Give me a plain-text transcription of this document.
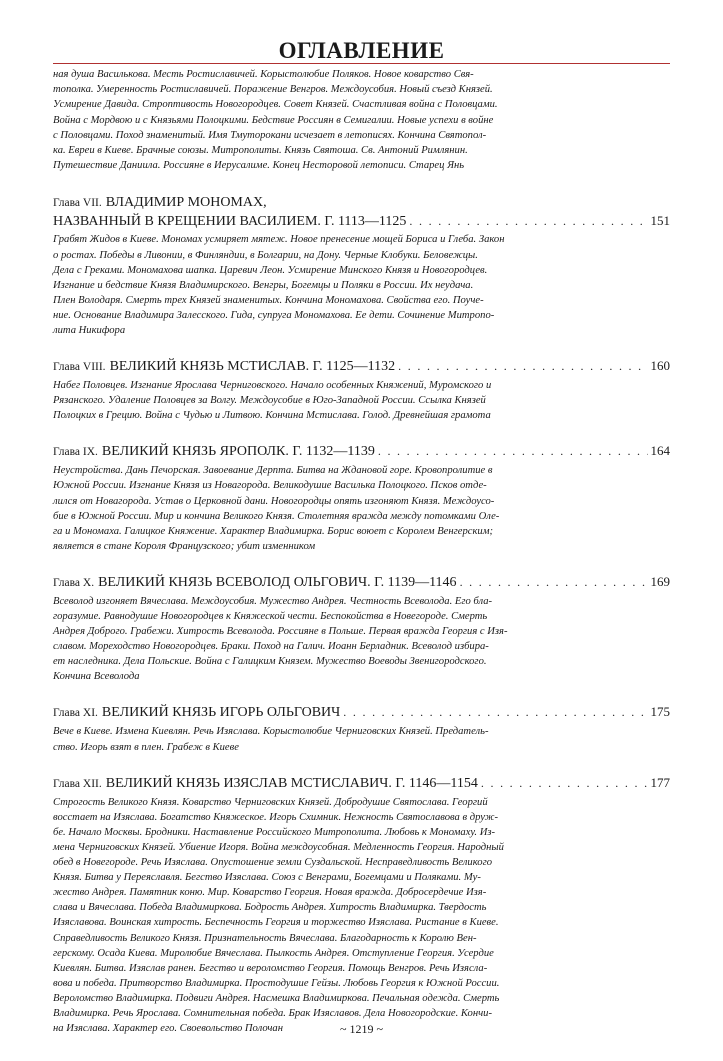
ОГЛАВЛЕНИЕ
ная душа Василькова. Месть Ростиславичей. Корыстолюбие Поляков. Новое коварство Свя-
тополка. Умеренность Ростиславичей. Поражение Венгров. Междоусобия. Новый съезд Князей.
Усмирение Давида. Строптивость Новогородцев. Совет Князей. Счастливая война с Половцами.
Война с Мордвою и с Князьями Полоцкими. Бедствие Россиян в Семигалии. Новые успехи в войне
с Половцами. Поход знаменитый. Имя Тмуторокани исчезает в летописях. Кончина Святопол-
ка. Евреи в Киеве. Брачные союзы. Митрополиты. Князь Святоша. Св. Антоний Римлянин.
Путешествие Даниила. Россияне в Иерусалиме. Конец Несторовой летописи. Старец Янь
Глава VII. ВЛАДИМИР МОНОМАХ,
НАЗВАННЫЙ В КРЕЩЕНИИ ВАСИЛИЕМ. Г. 1113—1125 . . .	151
Грабят Жидов в Киеве. Мономах усмиряет мятеж. Новое пренесение мощей Бориса и Глеба. Закон
о ростах. Победы в Ливонии, в Финляндии, в Болгарии, на Дону. Черные Клобуки. Беловежцы.
Дела с Греками. Мономахова шапка. Царевич Леон. Усмирение Минского Князя и Новогородцев.
Изгнание и бедствие Князя Владимирского. Венгры, Богемцы и Поляки в России. Их неудача.
Плен Володаря. Смерть трех Князей знаменитых. Кончина Мономахова. Свойства его. Поуче-
ние. Основание Владимира Залесского. Гида, супруга Мономахова. Ее дети. Сочинение Митропо-
лита Никифора
Глава VIII. ВЕЛИКИЙ КНЯЗЬ МСТИСЛАВ. Г. 1125—1132 . . .	160
Набег Половцев. Изгнание Ярослава Черниговского. Начало особенных Княжений, Муромского и
Рязанского. Удаление Половцев за Волгу. Междоусобие в Юго-Западной России. Ссылка Князей
Полоцких в Грецию. Война с Чудью и Литвою. Кончина Мстислава. Голод. Древнейшая грамота
Глава IX. ВЕЛИКИЙ КНЯЗЬ ЯРОПОЛК. Г. 1132—1139 . . .	164
Неустройства. Дань Печорская. Завоевание Дерпта. Битва на Ждановой горе. Кровопролитие в
Южной России. Изгнание Князя из Новагорода. Великодушие Василька Полоцкого. Псков отде-
лился от Новагорода. Устав о Церковной дани. Новогородцы опять изгоняют Князя. Междоусо-
бие в Южной России. Мир и кончина Великого Князя. Столетняя вражда между потомками Оле-
га и Мономаха. Галицкое Княжение. Характер Владимирка. Борис воюет с Королем Венгерским;
является в стане Короля Французского; убит изменником
Глава X. ВЕЛИКИЙ КНЯЗЬ ВСЕВОЛОД ОЛЬГОВИЧ. Г. 1139—1146 . . .	169
Всеволод изгоняет Вячеслава. Междоусобия. Мужество Андрея. Честность Всеволода. Его бла-
горазумие. Равнодушие Новогородцев к Княжеской чести. Беспокойства в Новегороде. Смерть
Андрея Доброго. Грабежи. Хитрость Всеволода. Россияне в Польше. Первая вражда Георгия с Изя-
славом. Мореходство Новогородцев. Браки. Поход на Галич. Иоанн Берладник. Всеволод избира-
ет наследника. Дела Польские. Война с Галицким Князем. Мужество Воеводы Звенигородского.
Кончина Всеволода
Глава XI. ВЕЛИКИЙ КНЯЗЬ ИГОРЬ ОЛЬГОВИЧ . . .	175
Вече в Киеве. Измена Киевлян. Речь Изяслава. Корыстолюбие Черниговских Князей. Предатель-
ство. Игорь взят в плен. Грабеж в Киеве
Глава XII. ВЕЛИКИЙ КНЯЗЬ ИЗЯСЛАВ МСТИСЛАВИЧ. Г. 1146—1154 . . .	177
Строгость Великого Князя. Коварство Черниговских Князей. Добродушие Святослава. Георгий
восстает на Изяслава. Богатство Княжеское. Игорь Схимник. Нежность Святославова в друж-
бе. Начало Москвы. Бродники. Наставление Российского Митрополита. Любовь к Мономаху. Из-
мена Черниговских Князей. Убиение Игоря. Война междоусобная. Медленность Георгия. Народный
обед в Новегороде. Речь Изяслава. Опустошение земли Суздальской. Несправедливость Великого
Князя. Битва у Переяславля. Бегство Изяслава. Союз с Венграми, Богемцами и Поляками. Му-
жество Андрея. Памятник коню. Мир. Коварство Георгия. Новая вражда. Добросердечие Изя-
слава и Вячеслава. Победа Владимиркова. Бодрость Андрея. Хитрость Владимирка. Твердость
Изяславова. Воинская хитрость. Беспечность Георгия и торжество Изяслава. Ристание в Киеве.
Справедливость Великого Князя. Признательность Вячеслава. Благодарность к Королю Вен-
герскому. Осада Киева. Миролюбие Вячеслава. Пылкость Андрея. Отступление Георгия. Усердие
Киевлян. Битва. Изяслав ранен. Бегство и вероломство Георгия. Помощь Венгров. Речь Изясла-
вова и победа. Притворство Владимирка. Простодушие Гейзы. Любовь Георгия к Южной России.
Вероломство Владимирка. Подвиги Андрея. Насмешка Владимиркова. Печальная одежда. Смерть
Владимирка. Речь Ярослава. Сомнительная победа. Брак Изяславов. Дела Новогородские. Кончи-
на Изяслава. Характер его. Своевольство Полочан	~ 1219 ~
